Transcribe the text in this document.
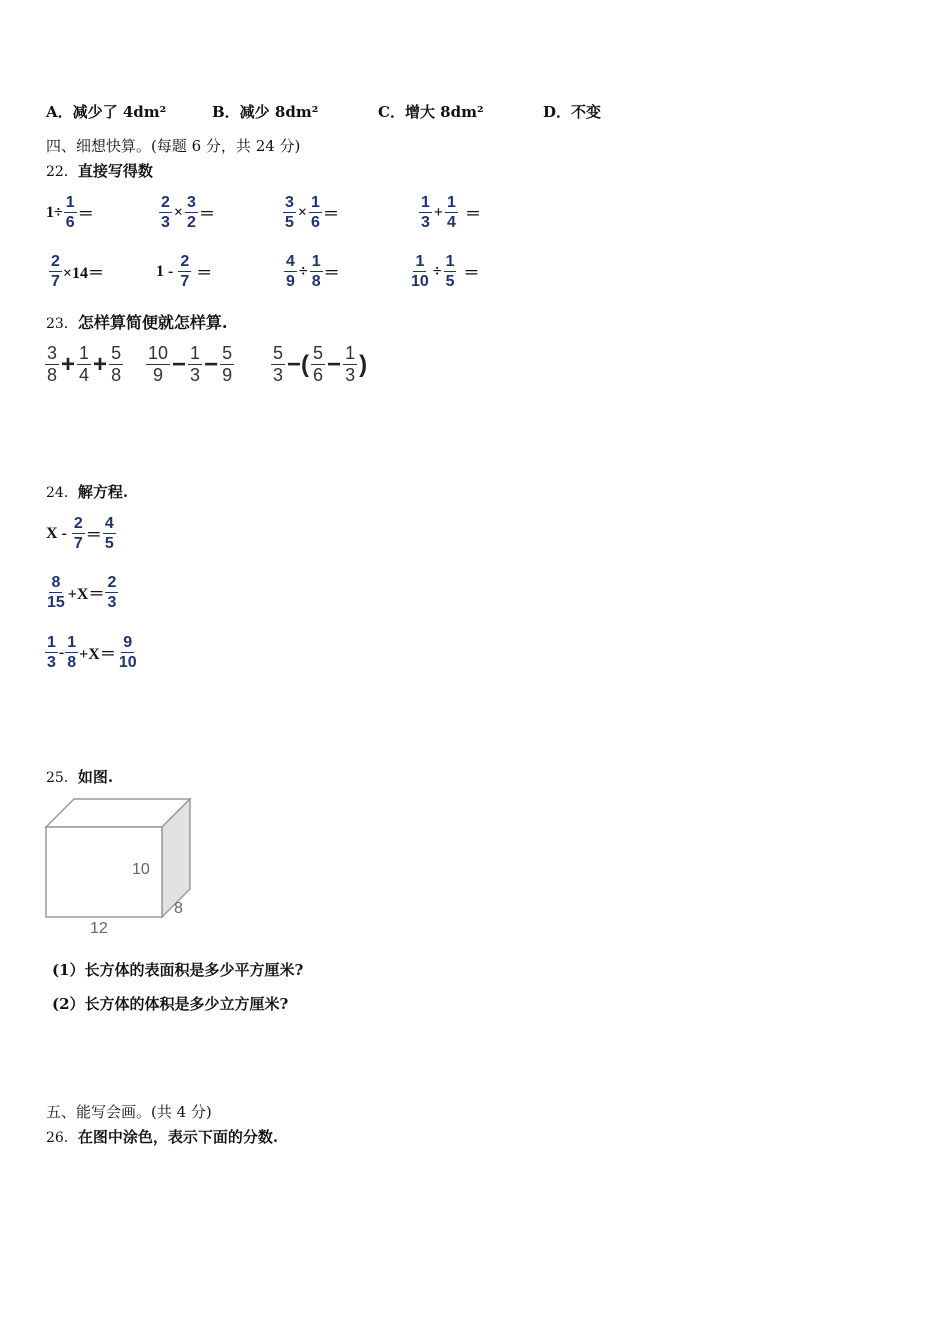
A．减少了 4dm²	B．减少 8dm²	C．增大 8dm²	D．不变
四、细想快算。(每题 6 分，共 24 分)
22．直接写得数
$1\div \frac{1}{6}$ ＝	$\frac{2}{3} \times \frac{3}{2}$ ＝	$\frac{3}{5} \times \frac{1}{6}$ ＝	$\frac{1}{3} + \frac{1}{4}$ ＝
$\frac{2}{7} \times 14=$	$1 - \frac{2}{7}$ ＝	$\frac{4}{9} \div \frac{1}{8}$ ＝	$\frac{1}{10} \div \frac{1}{5}$ ＝
23．怎样算简便就怎样算.
$\frac{3}{8} + \frac{1}{4} + \frac{5}{8} \frac{10}{9} - \frac{1}{3} - \frac{5}{9} \frac{5}{3}$ −( $\frac{5}{6} - \frac{1}{3}$ )
24．解方程.
$X - \frac{2}{7} = \frac{4}{5}$
$\frac{8}{15} +X= \frac{2}{3}$
$\frac{1}{3} - \frac{1}{8} +X= \frac{9}{10}$
25．如图.
10
8
12
(1）长方体的表面积是多少平方厘米?
(2）长方体的体积是多少立方厘米?
五、能写会画。(共 4 分)
26．在图中涂色，表示下面的分数.
